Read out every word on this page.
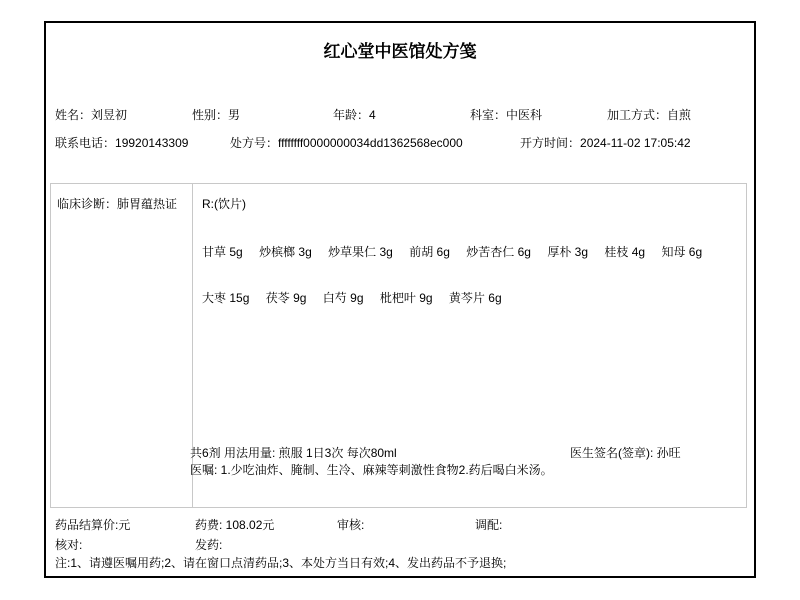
红心堂中医馆处方笺
姓名：刘昱初	性别：男	年龄：4	科室：中医科	加工方式：自煎
联系电话：19920143309	处方号：ffffffff0000000034dd1362568ec000	开方时间：2024-11-02 17:05:42
临床诊断：肺胃蕴热证	R:(饮片)
甘草 5g 炒槟榔 3g 炒草果仁 3g 前胡 6g 炒苦杏仁 6g 厚朴 3g 桂枝 4g 知母 6g
大枣 15g 茯苓 9g 白芍 9g 枇杷叶 9g 黄芩片 6g
共6剂 用法用量: 煎服 1日3次 每次80ml	医生签名(签章): 孙旺
医嘱: 1.少吃油炸、腌制、生冷、麻辣等刺激性食物2.药后喝白米汤。
药品结算价:元	药费: 108.02元	审核:	调配:
核对:	发药:
注:1、请遵医嘱用药;2、请在窗口点清药品;3、本处方当日有效;4、发出药品不予退换;
